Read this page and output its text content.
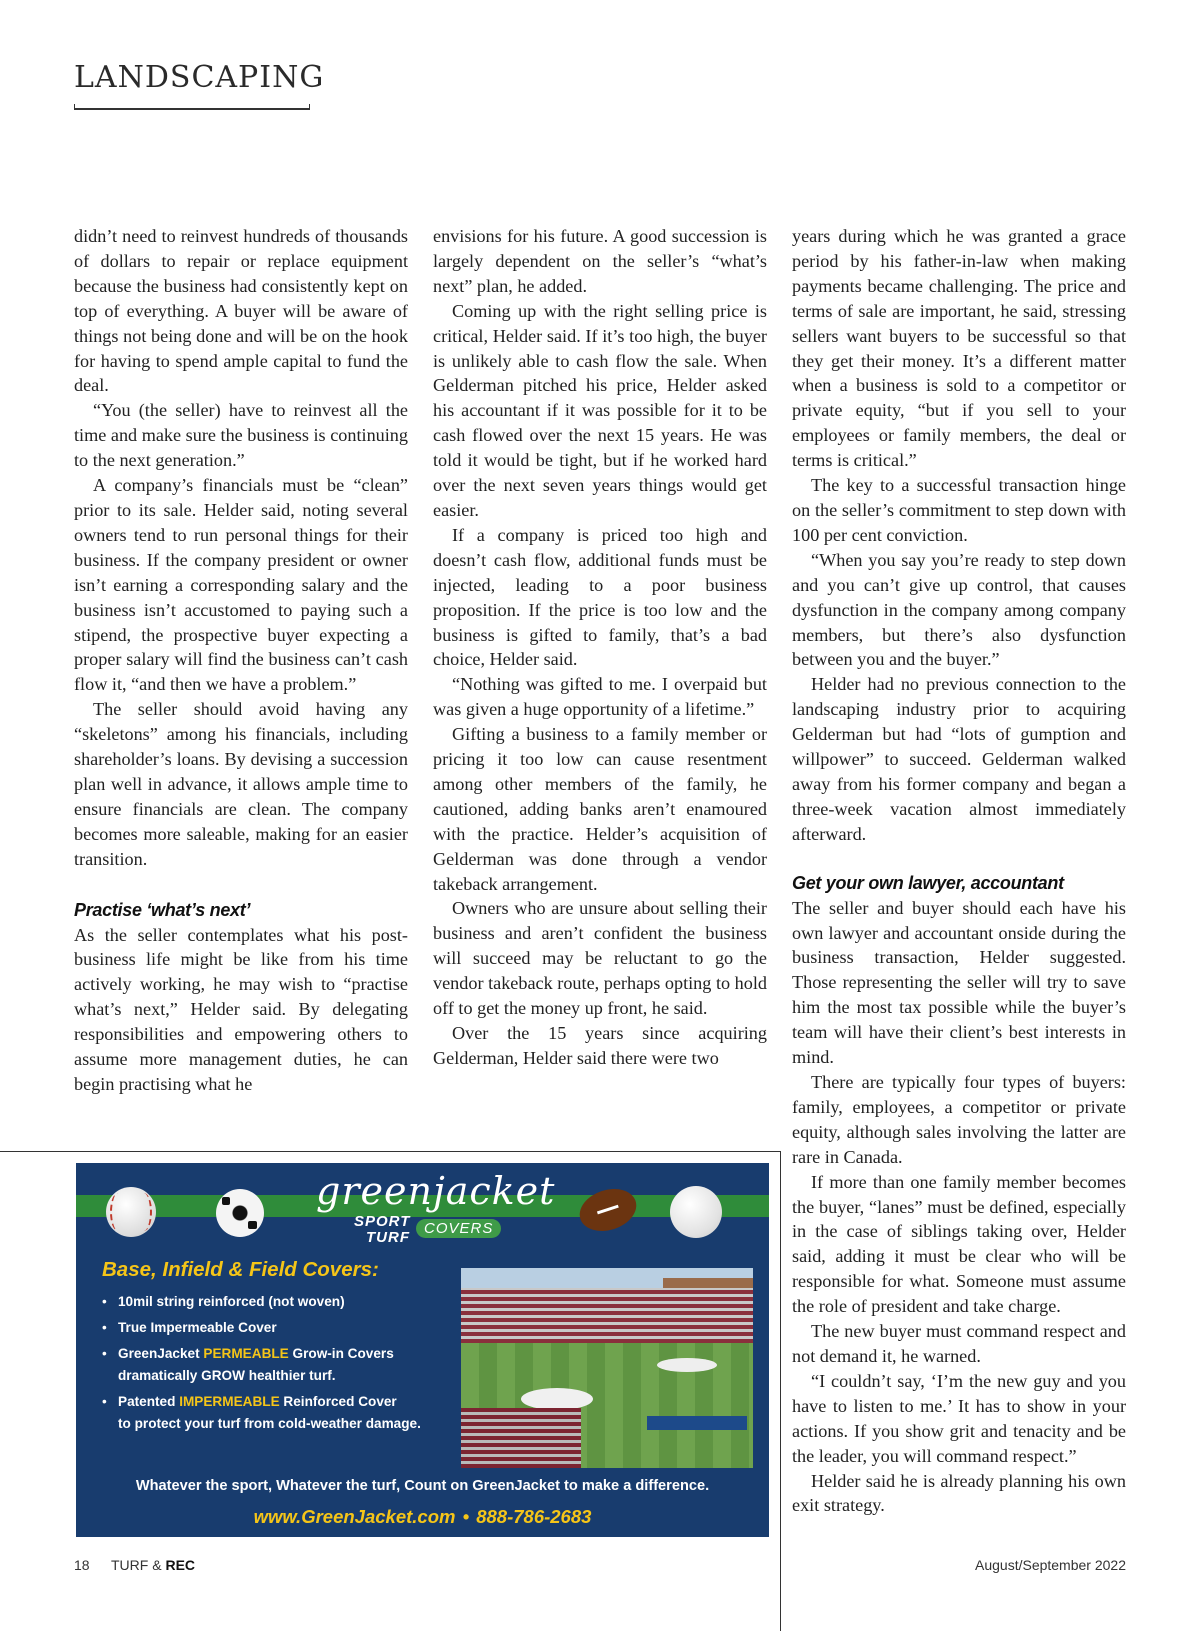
LANDSCAPING

didn’t need to reinvest hundreds of thousands of dollars to repair or replace equipment because the business had consistently kept on top of everything. A buyer will be aware of things not being done and will be on the hook for having to spend ample capital to fund the deal.

“You (the seller) have to reinvest all the time and make sure the business is continuing to the next generation.”

A company’s financials must be “clean” prior to its sale. Helder said, noting several owners tend to run personal things for their business. If the company president or owner isn’t earning a corresponding salary and the business isn’t accustomed to paying such a stipend, the prospective buyer expecting a proper salary will find the business can’t cash flow it, “and then we have a problem.”

The seller should avoid having any “skeletons” among his financials, including shareholder’s loans. By devising a succession plan well in advance, it allows ample time to ensure financials are clean. The company becomes more saleable, making for an easier transition.

Practise ‘what’s next’

As the seller contemplates what his post-business life might be like from his time actively working, he may wish to “practise what’s next,” Helder said. By delegating responsibilities and empowering others to assume more management duties, he can begin practising what he

envisions for his future. A good succession is largely dependent on the seller’s “what’s next” plan, he added.

Coming up with the right selling price is critical, Helder said. If it’s too high, the buyer is unlikely able to cash flow the sale. When Gelderman pitched his price, Helder asked his accountant if it was possible for it to be cash flowed over the next 15 years. He was told it would be tight, but if he worked hard over the next seven years things would get easier.

If a company is priced too high and doesn’t cash flow, additional funds must be injected, leading to a poor business proposition. If the price is too low and the business is gifted to family, that’s a bad choice, Helder said.

“Nothing was gifted to me. I overpaid but was given a huge opportunity of a lifetime.”

Gifting a business to a family member or pricing it too low can cause resentment among other members of the family, he cautioned, adding banks aren’t enamoured with the practice. Helder’s acquisition of Gelderman was done through a vendor takeback arrangement.

Owners who are unsure about selling their business and aren’t confident the business will succeed may be reluctant to go the vendor takeback route, perhaps opting to hold off to get the money up front, he said.

Over the 15 years since acquiring Gelderman, Helder said there were two

years during which he was granted a grace period by his father-in-law when making payments became challenging. The price and terms of sale are important, he said, stressing sellers want buyers to be successful so that they get their money. It’s a different matter when a business is sold to a competitor or private equity, “but if you sell to your employees or family members, the deal or terms is critical.”

The key to a successful transaction hinge on the seller’s commitment to step down with 100 per cent conviction.

“When you say you’re ready to step down and you can’t give up control, that causes dysfunction in the company among company members, but there’s also dysfunction between you and the buyer.”

Helder had no previous connection to the landscaping industry prior to acquiring Gelderman but had “lots of gumption and willpower” to succeed. Gelderman walked away from his former company and began a three-week vacation almost immediately afterward.

Get your own lawyer, accountant

The seller and buyer should each have his own lawyer and accountant onside during the business transaction, Helder suggested. Those representing the seller will try to save him the most tax possible while the buyer’s team will have their client’s best interests in mind.

There are typically four types of buyers: family, employees, a competitor or private equity, although sales involving the latter are rare in Canada.

If more than one family member becomes the buyer, “lanes” must be defined, especially in the case of siblings taking over, Helder said, adding it must be clear who will be responsible for what. Someone must assume the role of president and take charge.

The new buyer must command respect and not demand it, he warned.

“I couldn’t say, ‘I’m the new guy and you have to listen to me.’ It has to show in your actions. If you show grit and tenacity and be the leader, you will command respect.”

Helder said he is already planning his own exit strategy.

greenjacket
SPORT
TURF
COVERS
Base, Infield & Field Covers:
• 10mil string reinforced (not woven)
• True Impermeable Cover
• GreenJacket PERMEABLE Grow-in Covers dramatically GROW healthier turf.
• Patented IMPERMEABLE Reinforced Cover
to protect your turf from cold-weather damage.
Whatever the sport, Whatever the turf, Count on GreenJacket to make a difference.
www.GreenJacket.com • 888-786-2683
18 TURF & REC	August/September 2022
